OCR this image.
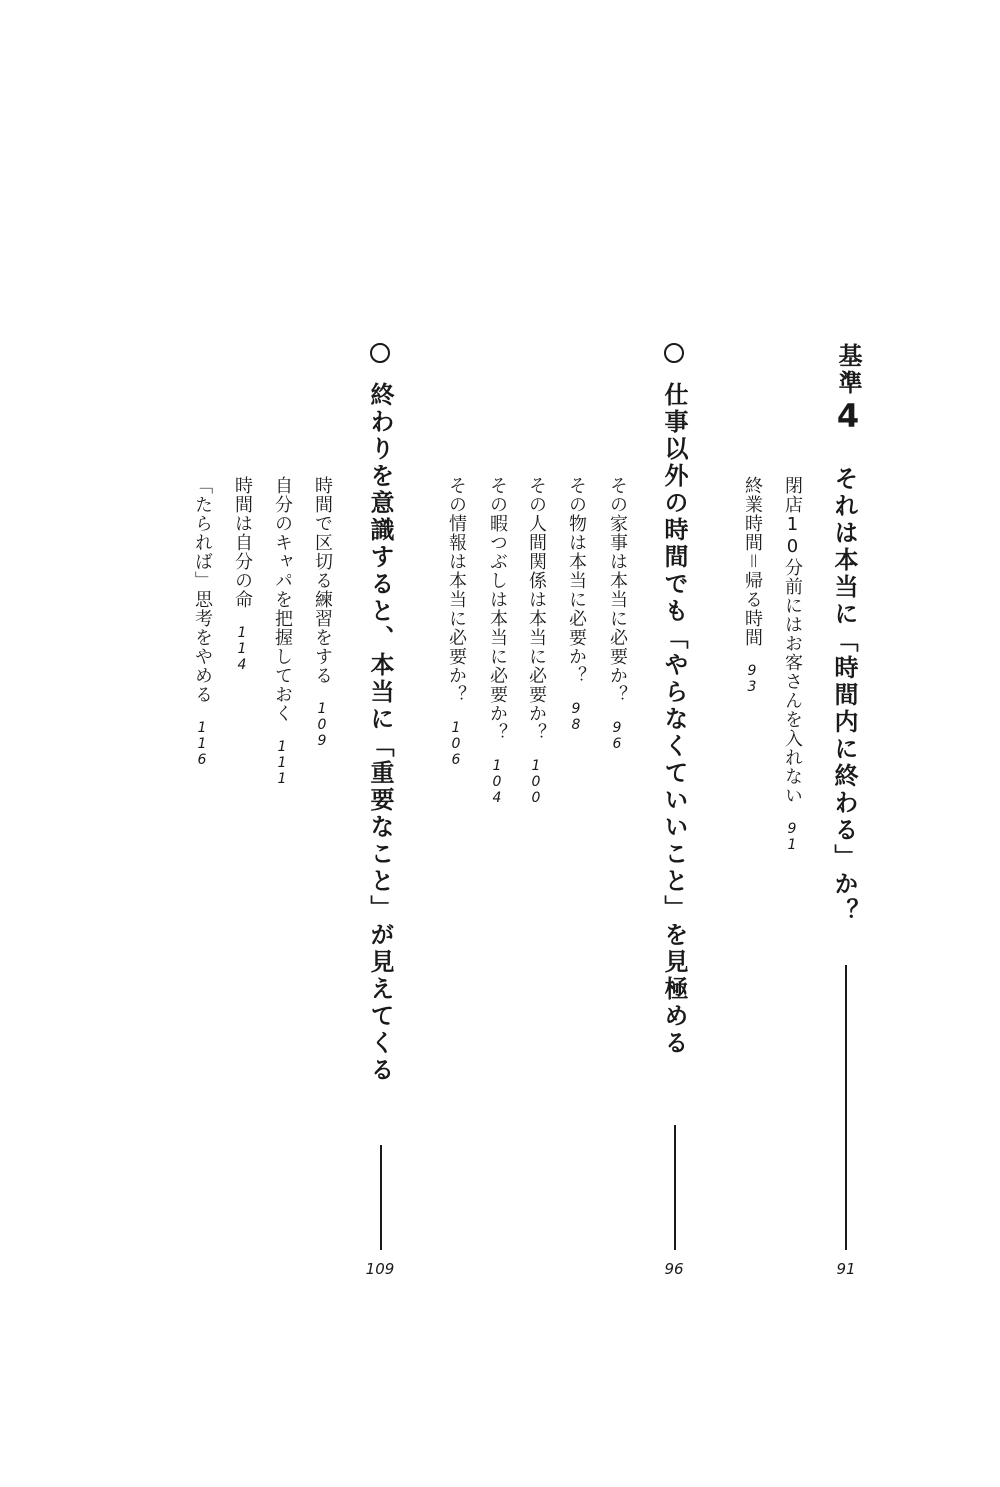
基準4
それは本当に「時間内に終わる」か？
91
閉店10分前にはお客さんを入れない91
終業時間＝帰る時間93
仕事以外の時間でも「やらなくていいこと」を見極める
96
その家事は本当に必要か？96
その物は本当に必要か？98
その人間関係は本当に必要か？100
その暇つぶしは本当に必要か？104
その情報は本当に必要か？106
終わりを意識すると、本当に「重要なこと」が見えてくる
109
時間で区切る練習をする109
自分のキャパを把握しておく111
時間は自分の命114
「たられば」思考をやめる116
